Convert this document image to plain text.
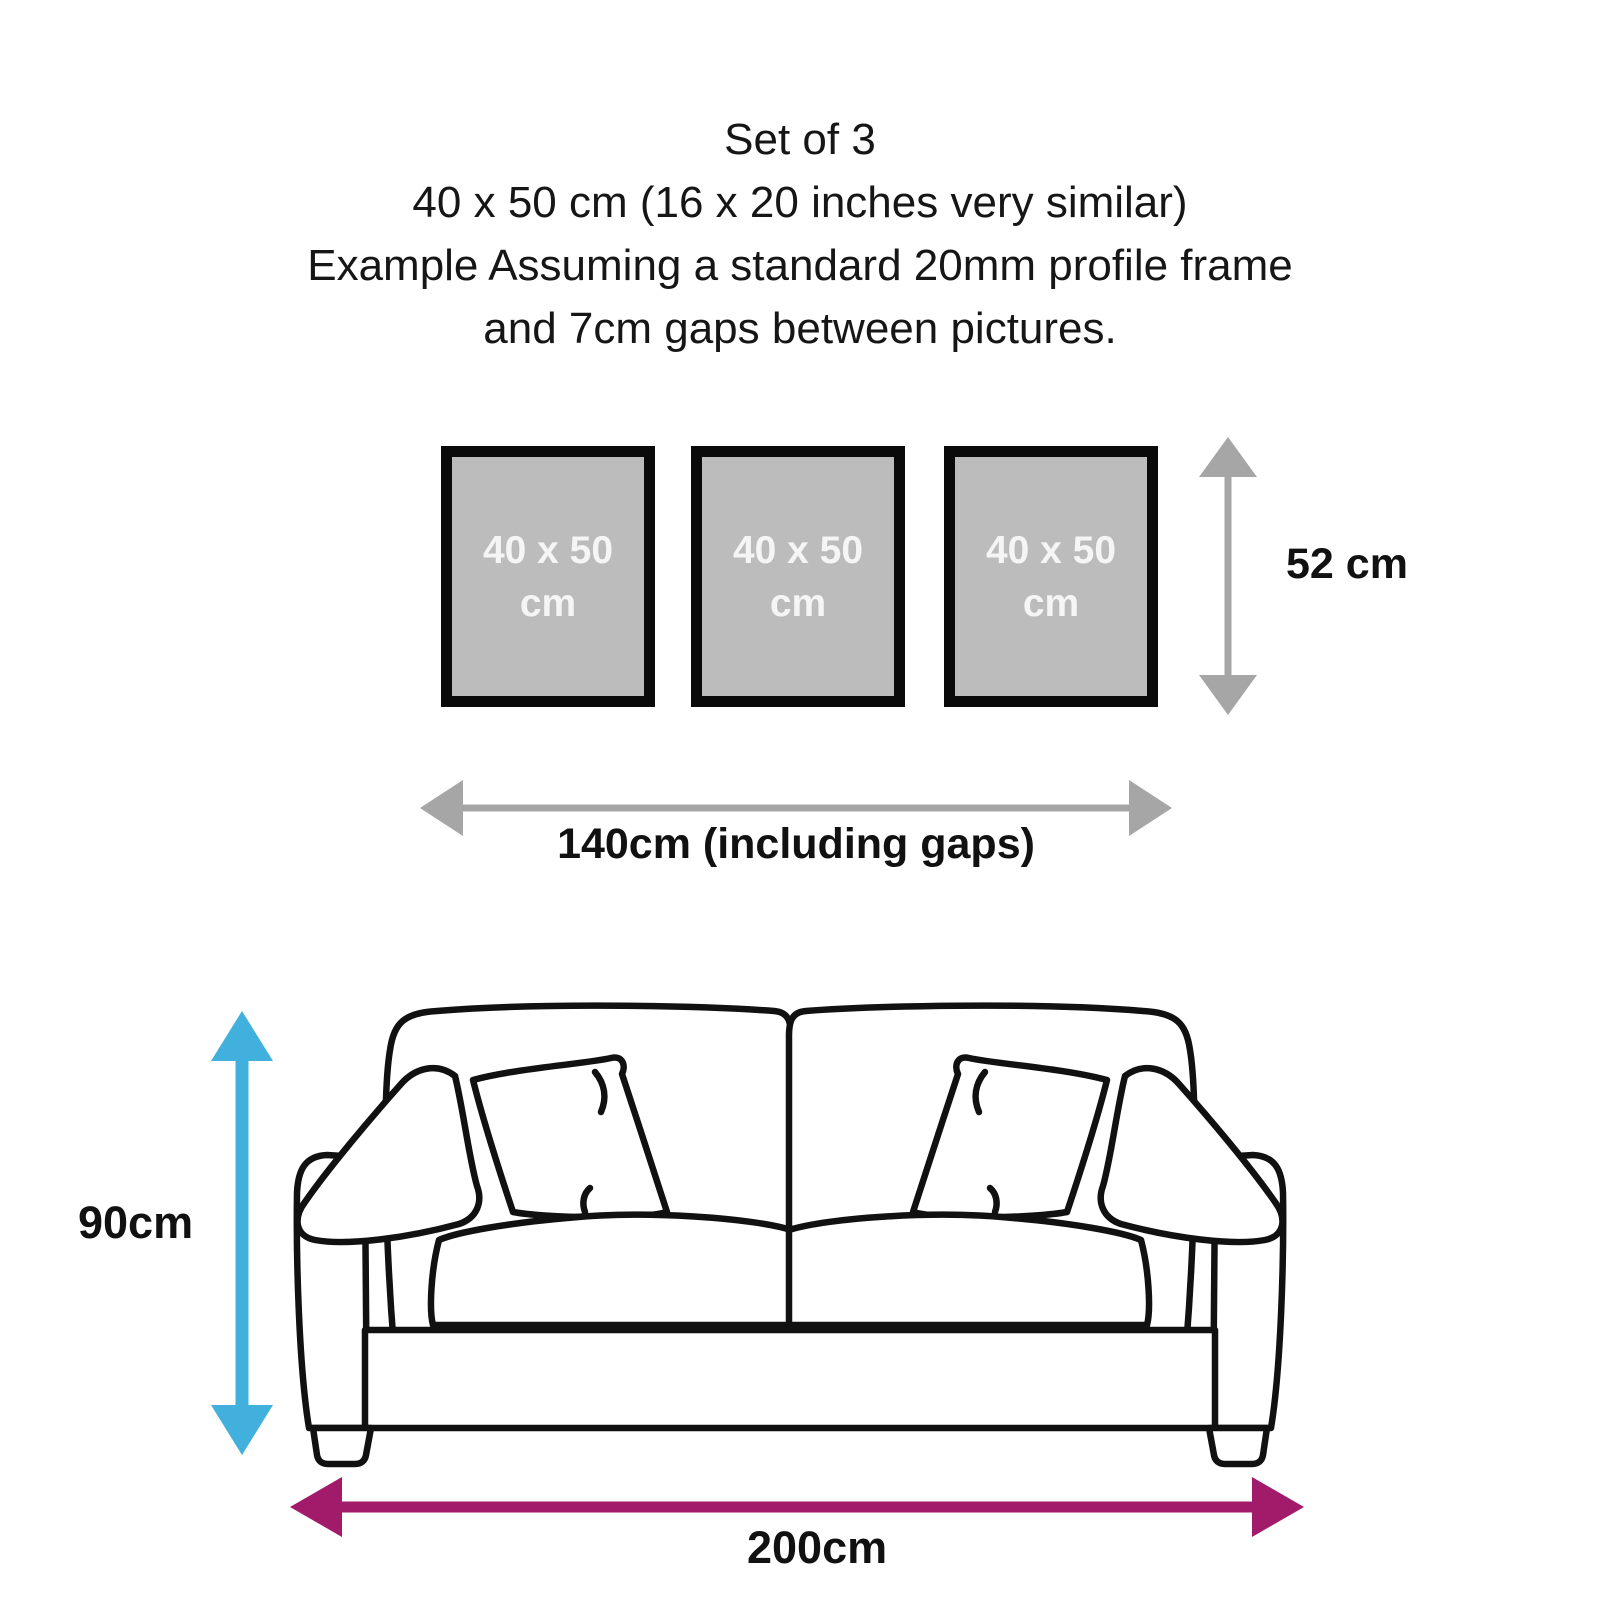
Set of 3
40 x 50 cm (16 x 20 inches very similar)
Example Assuming a standard 20mm profile frame
and 7cm gaps between pictures.
40 x 50
cm
40 x 50
cm
40 x 50
cm
52 cm
140cm (including gaps)
90cm
200cm
